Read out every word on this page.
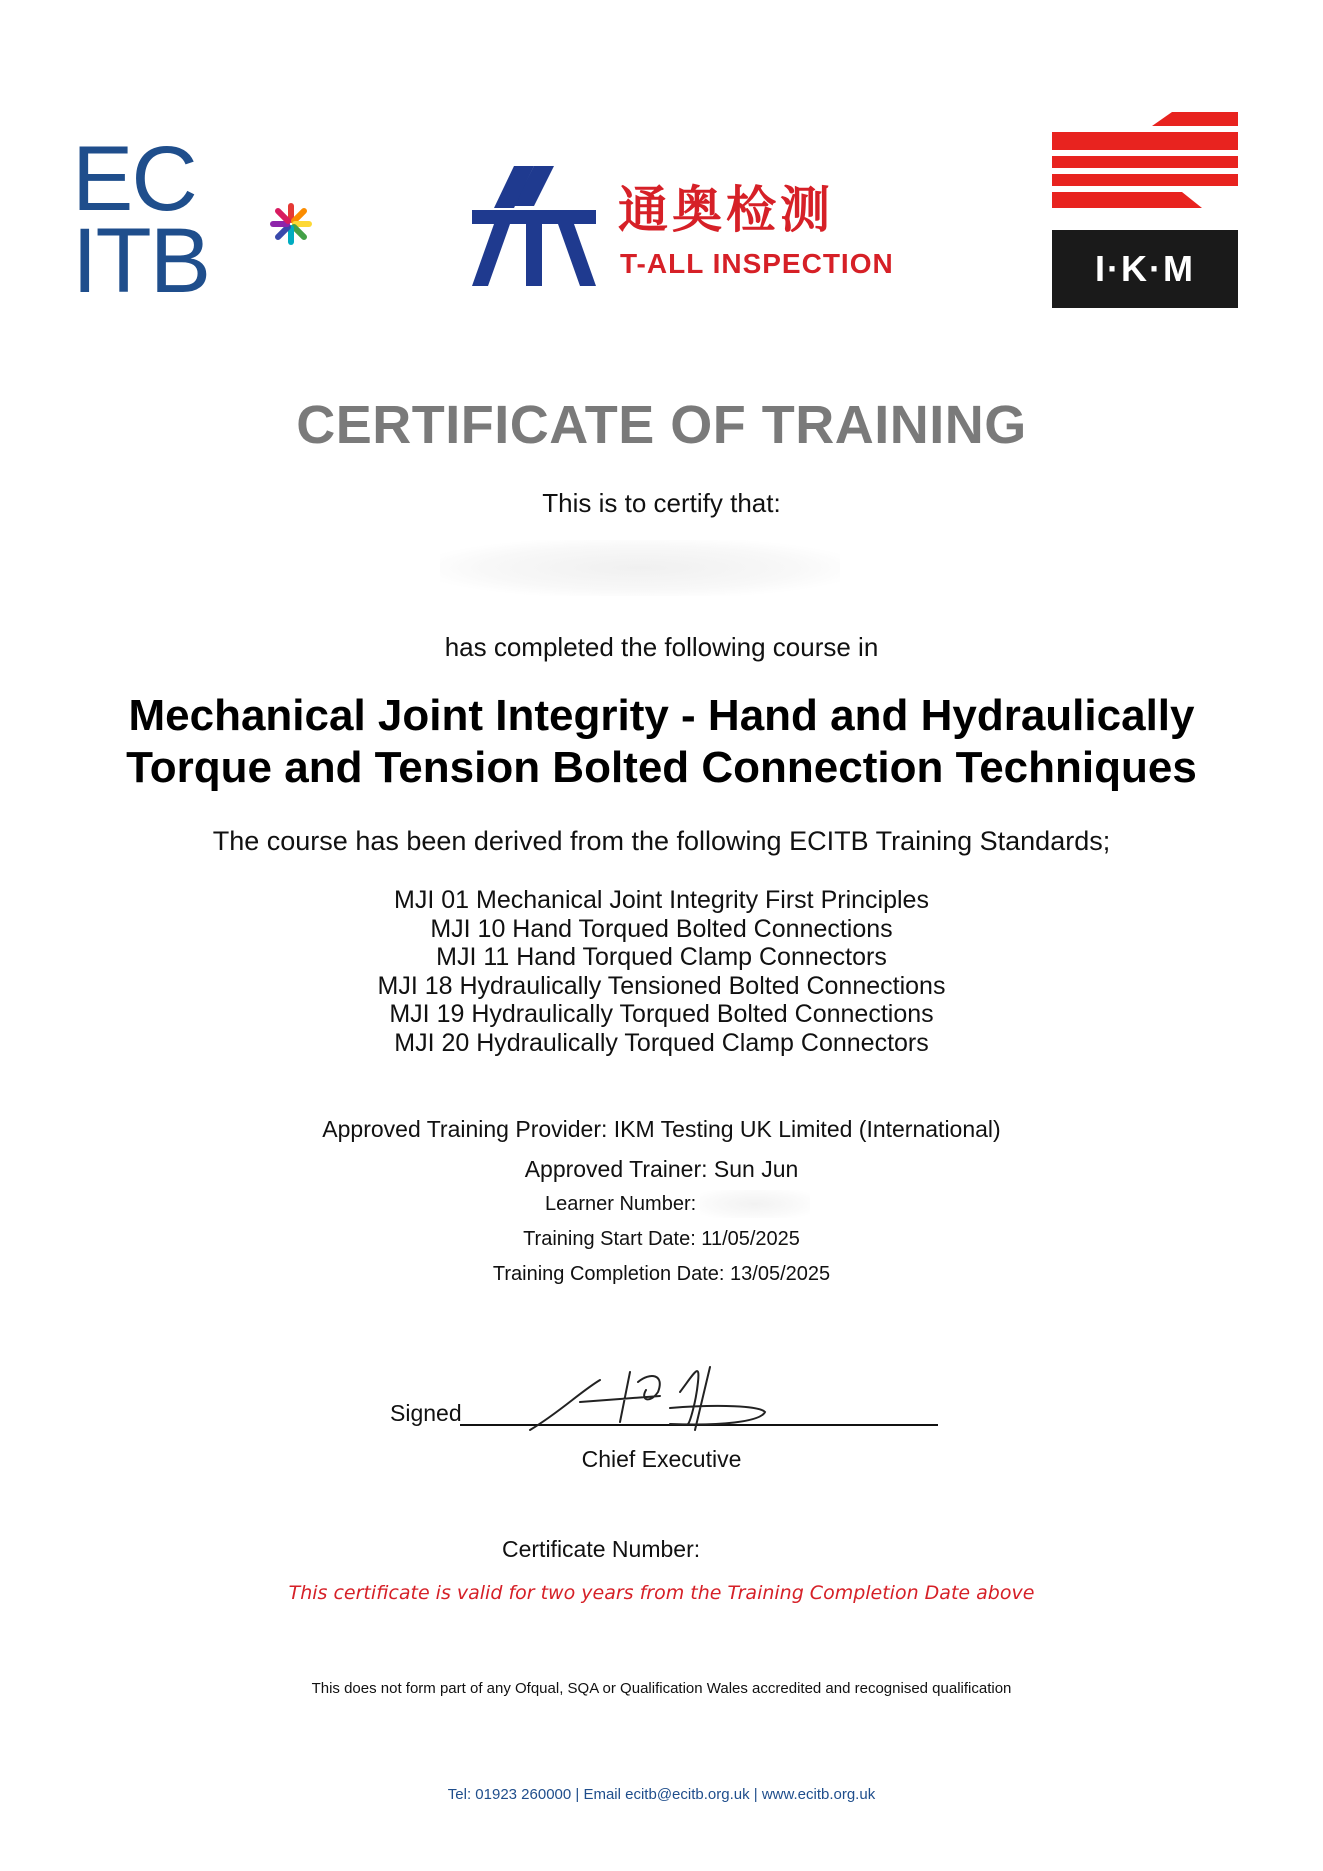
EC
ITB	通奥检测
T-ALL INSPECTION	I·K·M
CERTIFICATE OF TRAINING
This is to certify that:
has completed the following course in
Mechanical Joint Integrity - Hand and Hydraulically
Torque and Tension Bolted Connection Techniques
The course has been derived from the following ECITB Training Standards;
MJI 01 Mechanical Joint Integrity First Principles
MJI 10 Hand Torqued Bolted Connections
MJI 11 Hand Torqued Clamp Connectors
MJI 18 Hydraulically Tensioned Bolted Connections
MJI 19 Hydraulically Torqued Bolted Connections
MJI 20 Hydraulically Torqued Clamp Connectors
Approved Training Provider: IKM Testing UK Limited (International)
Approved Trainer: Sun Jun
Learner Number:
Training Start Date: 11/05/2025
Training Completion Date: 13/05/2025
Signed
Chief Executive
Certificate Number:
This certificate is valid for two years from the Training Completion Date above
This does not form part of any Ofqual, SQA or Qualification Wales accredited and recognised qualification
Tel: 01923 260000 | Email ecitb@ecitb.org.uk | www.ecitb.org.uk
